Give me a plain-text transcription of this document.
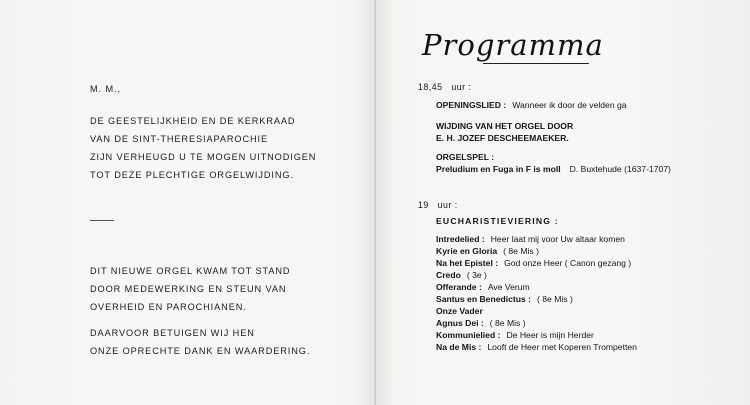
M. M.,
DE GEESTELIJKHEID EN DE KERKRAAD
VAN DE SINT-THERESIAPAROCHIE
ZIJN VERHEUGD U TE MOGEN UITNODIGEN
TOT DEZE PLECHTIGE ORGELWIJDING.
DIT NIEUWE ORGEL KWAM TOT STAND
DOOR MEDEWERKING EN STEUN VAN
OVERHEID EN PAROCHIANEN.
DAARVOOR BETUIGEN WIJ HEN
ONZE OPRECHTE DANK EN WAARDERING.
Programma
18,45 uur :
OPENINGSLIED : Wanneer ik door de velden ga
WIJDING VAN HET ORGEL DOOR
E. H. JOZEF DESCHEEMAEKER.
ORGELSPEL :
Preludium en Fuga in F is moll D. Buxtehude (1637-1707)
19 uur :
EUCHARISTIEVIERING :
Intredelied : Heer laat mij voor Uw altaar komen
Kyrie en Gloria ( 8e Mis )
Na het Epistel : God onze Heer ( Canon gezang )
Credo ( 3e )
Offerande : Ave Verum
Santus en Benedictus : ( 8e Mis )
Onze Vader
Agnus Dei : ( 8e Mis )
Kommunielied : De Heer is mijn Herder
Na de Mis : Looft de Heer met Koperen Trompetten
